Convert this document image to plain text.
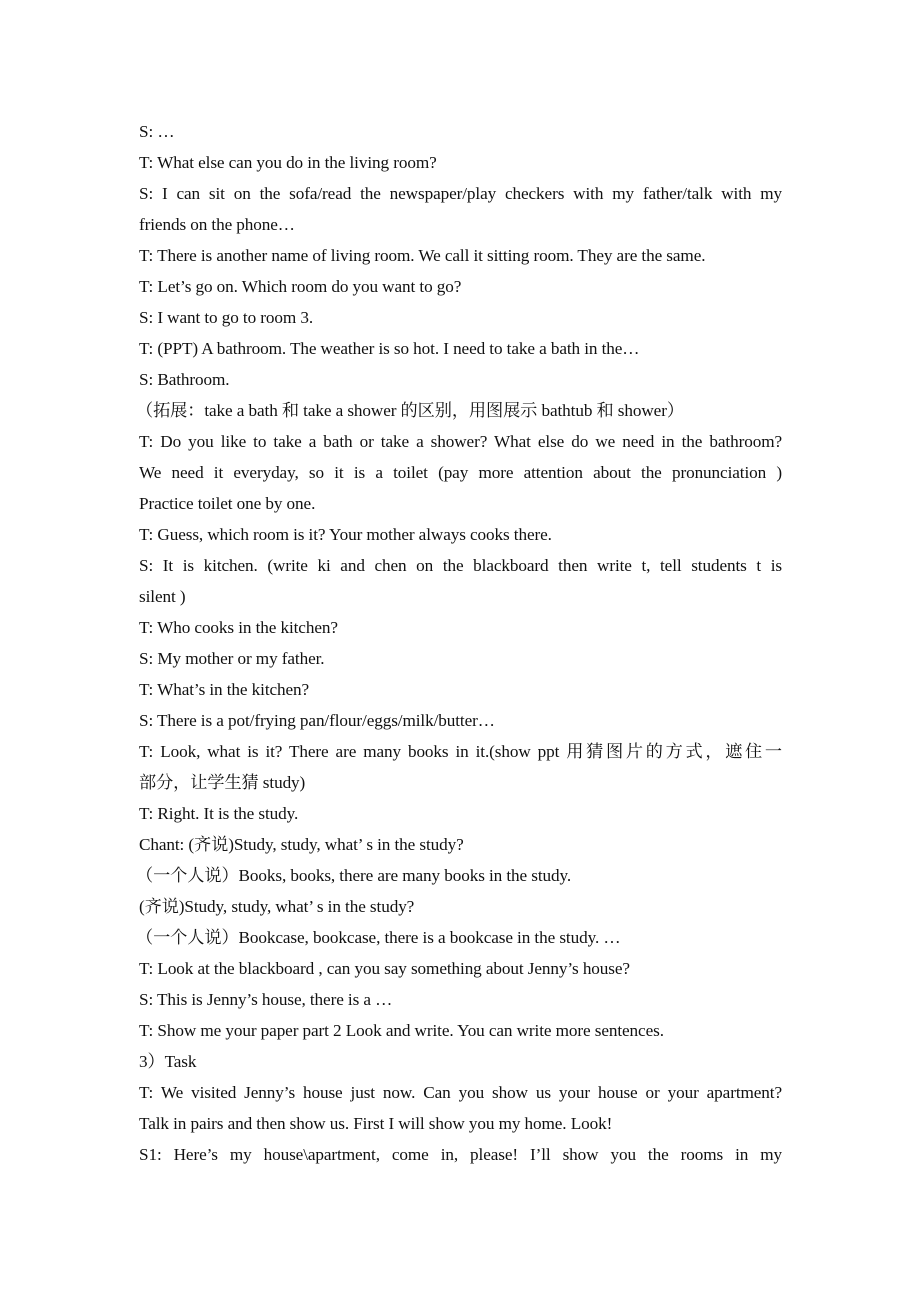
S: …
T: What else can you do in the living room?
S: I can sit on the sofa/read the newspaper/play checkers with my father/talk with my
friends on the phone…
T: There is another name of living room. We call it sitting room. They are the same.
T: Let’s go on. Which room do you want to go?
S: I want to go to room 3.
T: (PPT) A bathroom. The weather is so hot. I need to take a bath in the…
S: Bathroom.
（拓展：take a bath 和 take a shower 的区别，用图展示 bathtub 和 shower）
T: Do you like to take a bath or take a shower? What else do we need in the bathroom?
We need it everyday, so it is a toilet (pay more attention about the pronunciation )
Practice toilet one by one.
T: Guess, which room is it? Your mother always cooks there.
S: It is kitchen. (write ki and chen on the blackboard then write t, tell students t is
silent )
T: Who cooks in the kitchen?
S: My mother or my father.
T: What’s in the kitchen?
S: There is a pot/frying pan/flour/eggs/milk/butter…
T: Look, what is it? There are many books in it.(show ppt 用猜图片的方式，遮住一
部分，让学生猜 study)
T: Right. It is the study.
Chant: (齐说)Study, study, what’ s in the study?
（一个人说）Books, books, there are many books in the study.
(齐说)Study, study, what’ s in the study?
（一个人说）Bookcase, bookcase, there is a bookcase in the study. …
T: Look at the blackboard , can you say something about Jenny’s house?
S: This is Jenny’s house, there is a …
T: Show me your paper part 2 Look and write. You can write more sentences.
3）Task
T: We visited Jenny’s house just now. Can you show us your house or your apartment?
Talk in pairs and then show us. First I will show you my home. Look!
S1: Here’s my house\apartment, come in, please! I’ll show you the rooms in my
